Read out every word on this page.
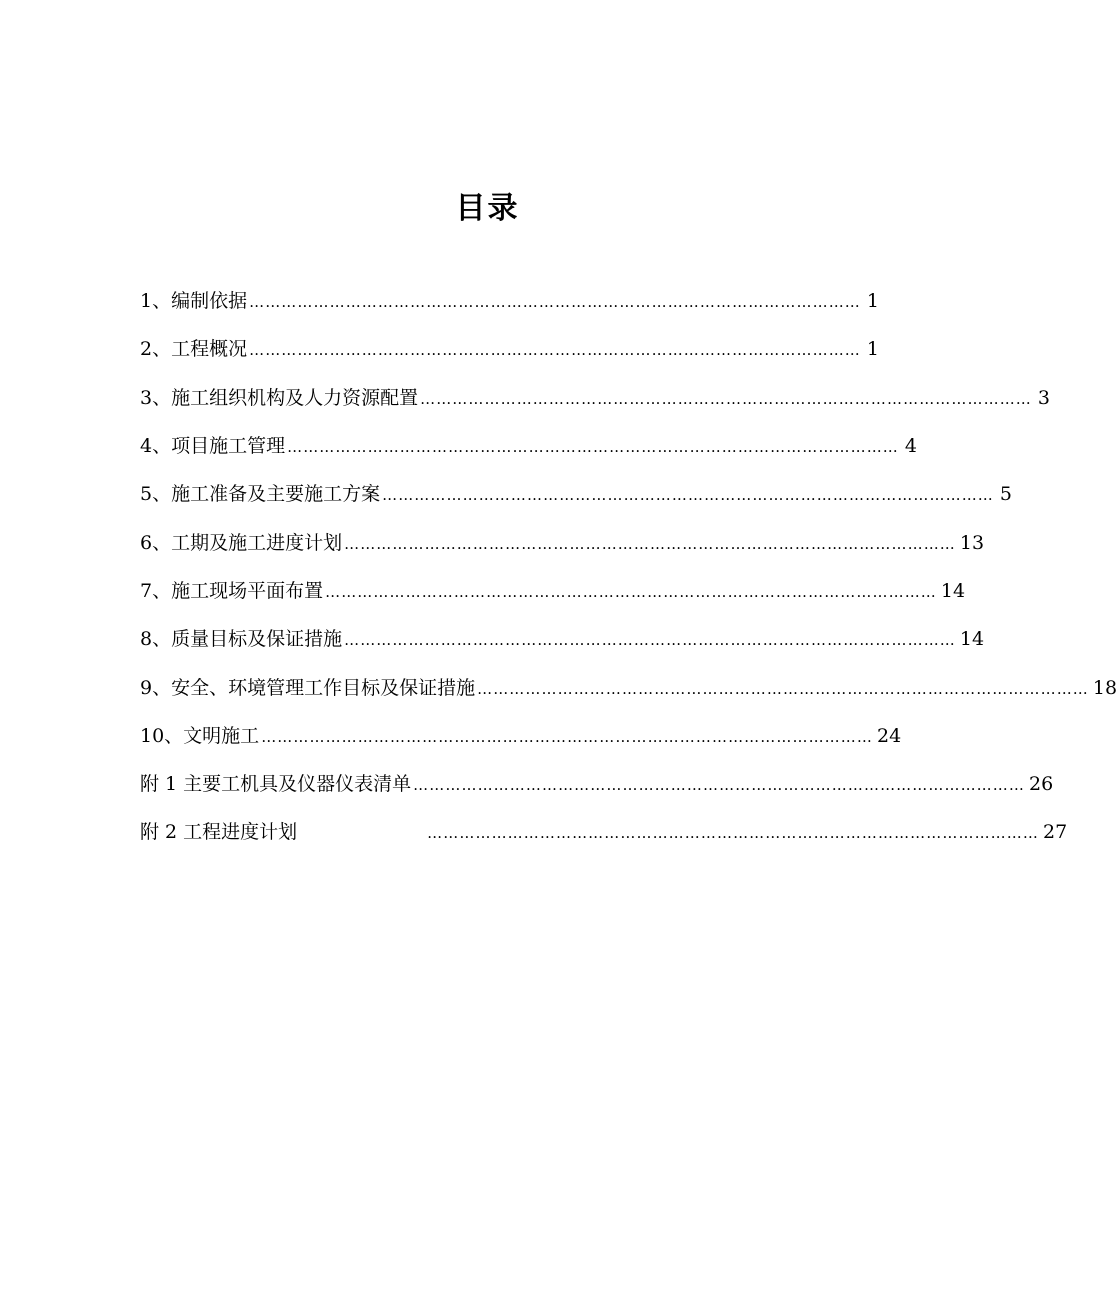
目录
1、编制依据 …………………………………………………………………………………………………… 1
2、工程概况 …………………………………………………………………………………………………… 1
3、施工组织机构及人力资源配置 …………………………………………………………………………………………………… 3
4、项目施工管理 …………………………………………………………………………………………………… 4
5、施工准备及主要施工方案 …………………………………………………………………………………………………… 5
6、工期及施工进度计划 …………………………………………………………………………………………………… 13
7、施工现场平面布置 …………………………………………………………………………………………………… 14
8、质量目标及保证措施 …………………………………………………………………………………………………… 14
9、安全、环境管理工作目标及保证措施 …………………………………………………………………………………………………… 18
10、文明施工 …………………………………………………………………………………………………… 24
附 1 主要工机具及仪器仪表清单 …………………………………………………………………………………………………… 26
附 2 工程进度计划	…………………………………………………………………………………………………… 27
